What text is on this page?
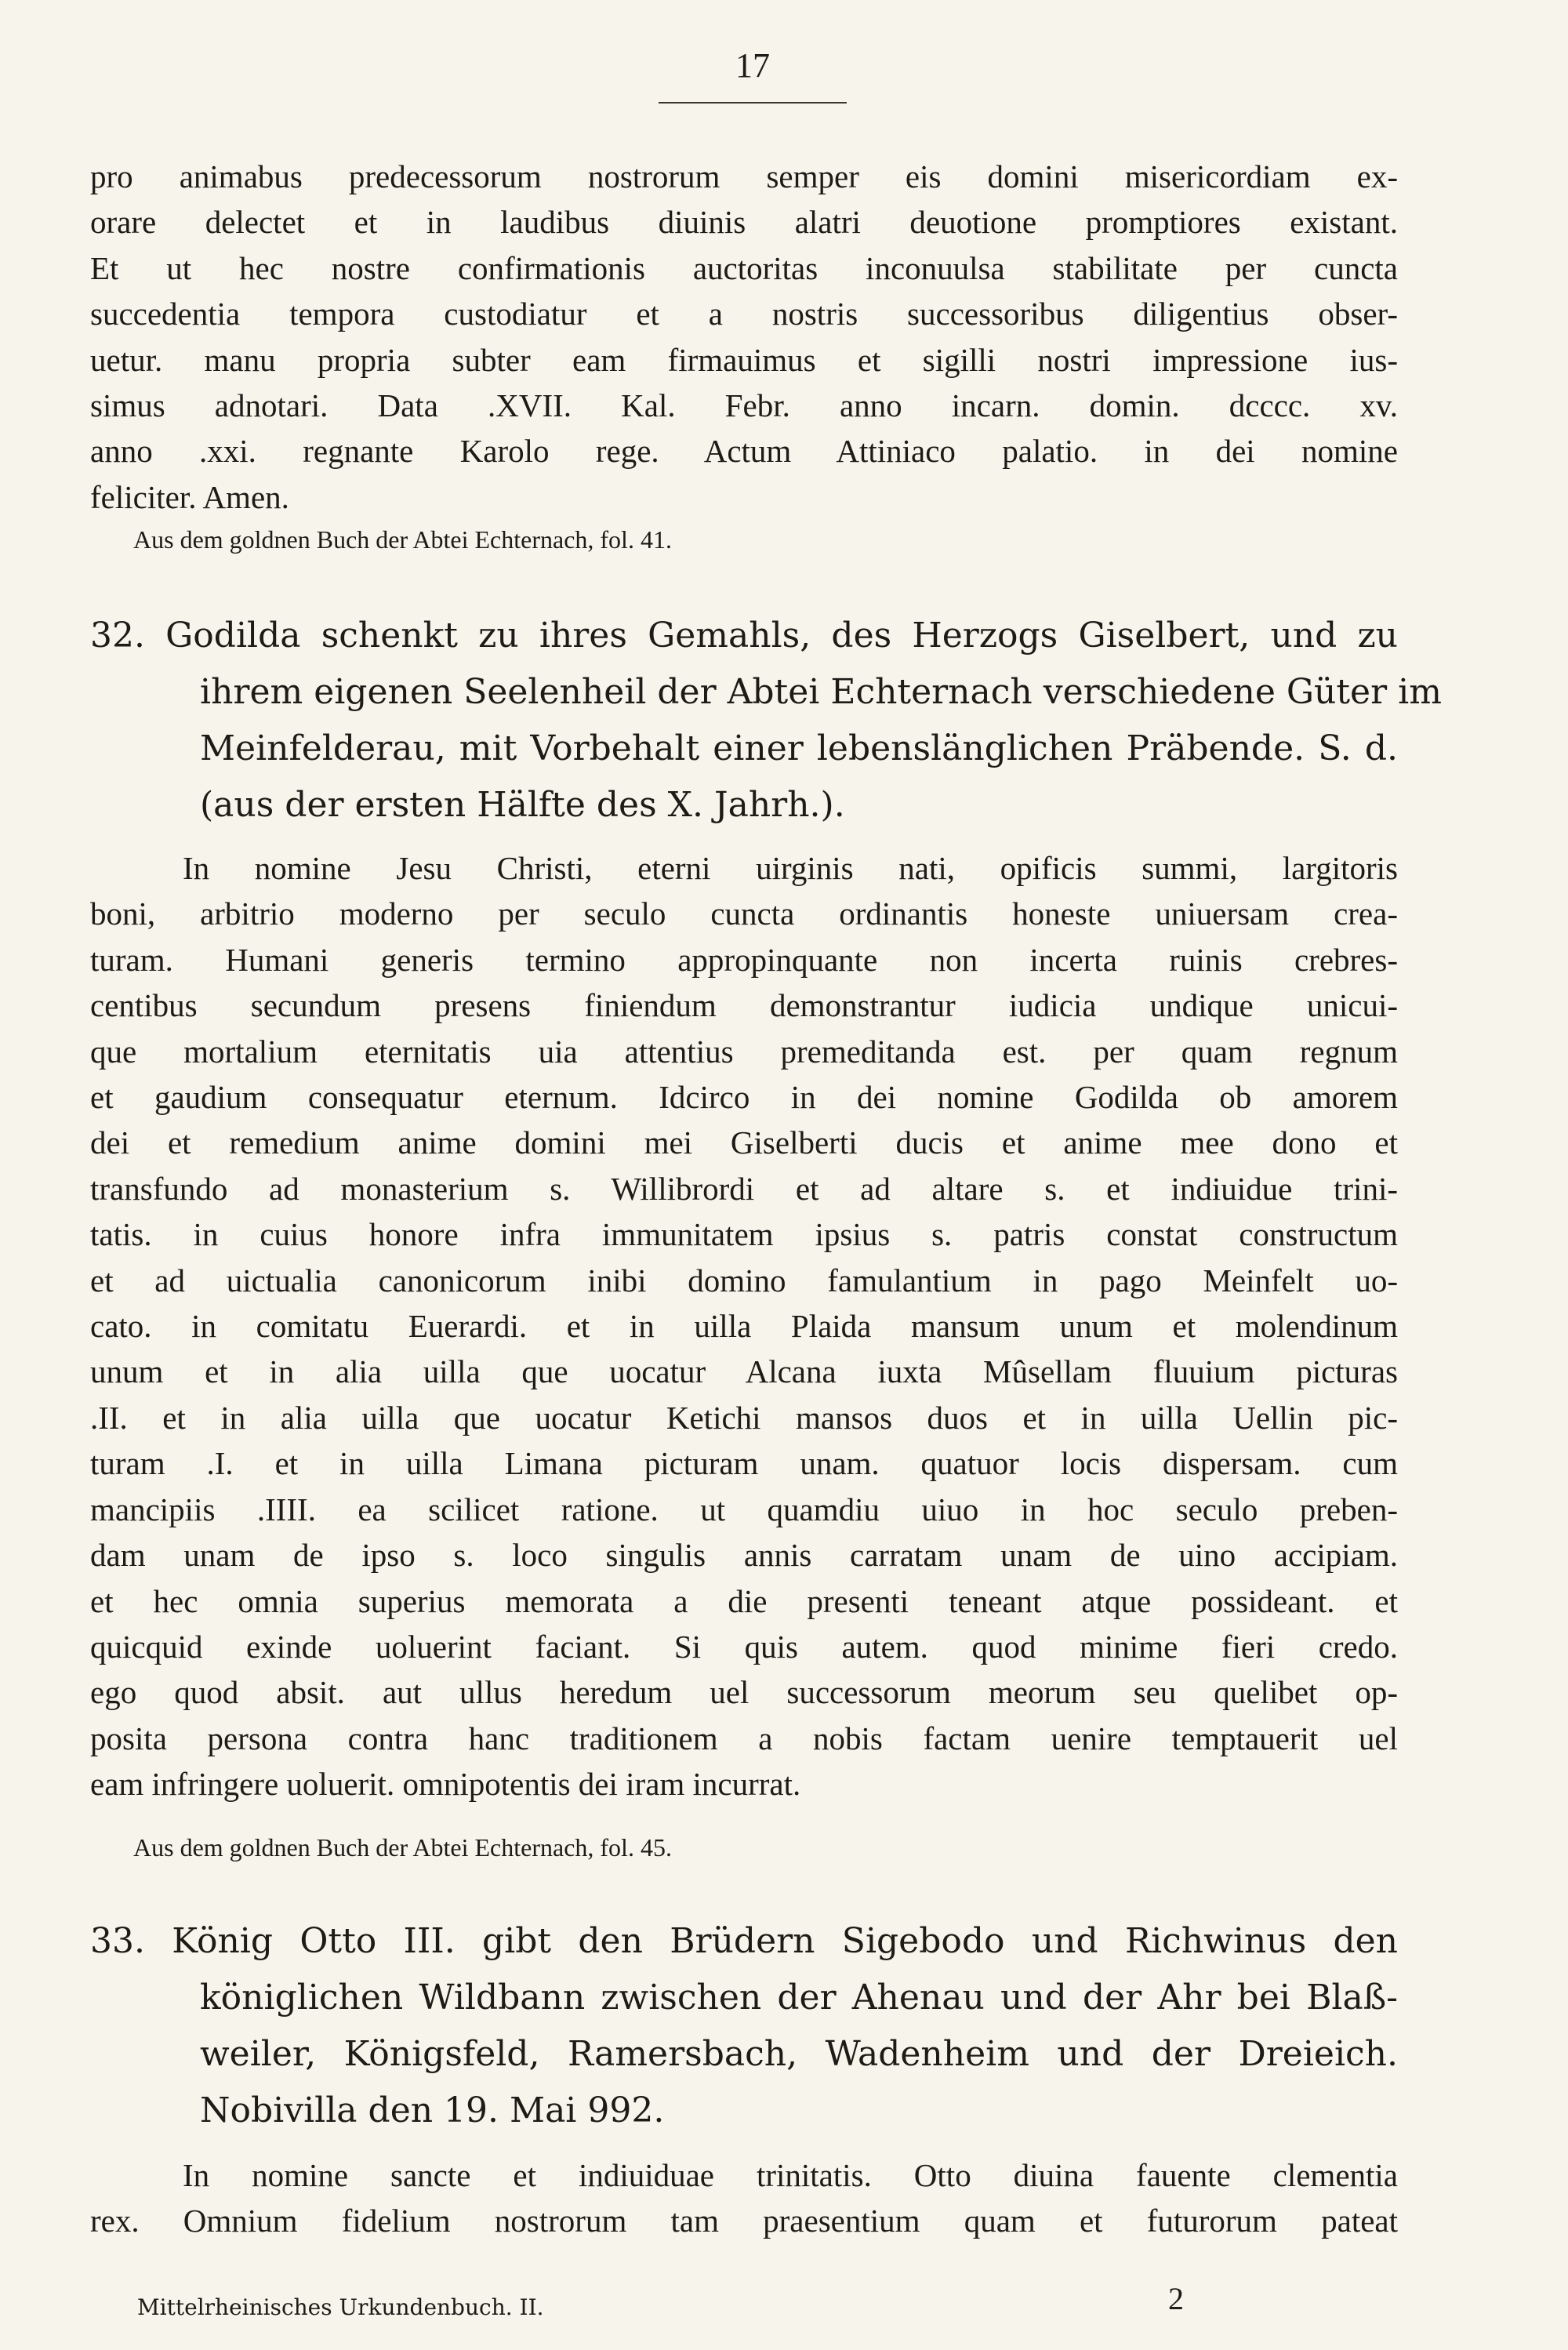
17
pro animabus predecessorum nostrorum semper eis domini misericordiam ex-
orare delectet et in laudibus diuinis alatri deuotione promptiores existant.
Et ut hec nostre confirmationis auctoritas inconuulsa stabilitate per cuncta
succedentia tempora custodiatur et a nostris successoribus diligentius obser-
uetur. manu propria subter eam firmauimus et sigilli nostri impressione ius-
simus adnotari. Data .XVII. Kal. Febr. anno incarn. domin. dcccc. xv.
anno .xxi. regnante Karolo rege. Actum Attiniaco palatio. in dei nomine
feliciter. Amen.
Aus dem goldnen Buch der Abtei Echternach, fol. 41.
32. Godilda schenkt zu ihres Gemahls, des Herzogs Giselbert, und zu
ihrem eigenen Seelenheil der Abtei Echternach verschiedene Güter im
Meinfelderau, mit Vorbehalt einer lebenslänglichen Präbende. S. d.
(aus der ersten Hälfte des X. Jahrh.).
In nomine Jesu Christi, eterni uirginis nati, opificis summi, largitoris
boni, arbitrio moderno per seculo cuncta ordinantis honeste uniuersam crea-
turam. Humani generis termino appropinquante non incerta ruinis crebres-
centibus secundum presens finiendum demonstrantur iudicia undique unicui-
que mortalium eternitatis uia attentius premeditanda est. per quam regnum
et gaudium consequatur eternum. Idcirco in dei nomine Godilda ob amorem
dei et remedium anime domini mei Giselberti ducis et anime mee dono et
transfundo ad monasterium s. Willibrordi et ad altare s. et indiuidue trini-
tatis. in cuius honore infra immunitatem ipsius s. patris constat constructum
et ad uictualia canonicorum inibi domino famulantium in pago Meinfelt uo-
cato. in comitatu Euerardi. et in uilla Plaida mansum unum et molendinum
unum et in alia uilla que uocatur Alcana iuxta Mûsellam fluuium picturas
.II. et in alia uilla que uocatur Ketichi mansos duos et in uilla Uellin pic-
turam .I. et in uilla Limana picturam unam. quatuor locis dispersam. cum
mancipiis .IIII. ea scilicet ratione. ut quamdiu uiuo in hoc seculo preben-
dam unam de ipso s. loco singulis annis carratam unam de uino accipiam.
et hec omnia superius memorata a die presenti teneant atque possideant. et
quicquid exinde uoluerint faciant. Si quis autem. quod minime fieri credo.
ego quod absit. aut ullus heredum uel successorum meorum seu quelibet op-
posita persona contra hanc traditionem a nobis factam uenire temptauerit uel
eam infringere uoluerit. omnipotentis dei iram incurrat.
Aus dem goldnen Buch der Abtei Echternach, fol. 45.
33. König Otto III. gibt den Brüdern Sigebodo und Richwinus den
königlichen Wildbann zwischen der Ahenau und der Ahr bei Blaß-
weiler, Königsfeld, Ramersbach, Wadenheim und der Dreieich.
Nobivilla den 19. Mai 992.
In nomine sancte et indiuiduae trinitatis. Otto diuina fauente clementia
rex. Omnium fidelium nostrorum tam praesentium quam et futurorum pateat
Mittelrheinisches Urkundenbuch. II.	2
